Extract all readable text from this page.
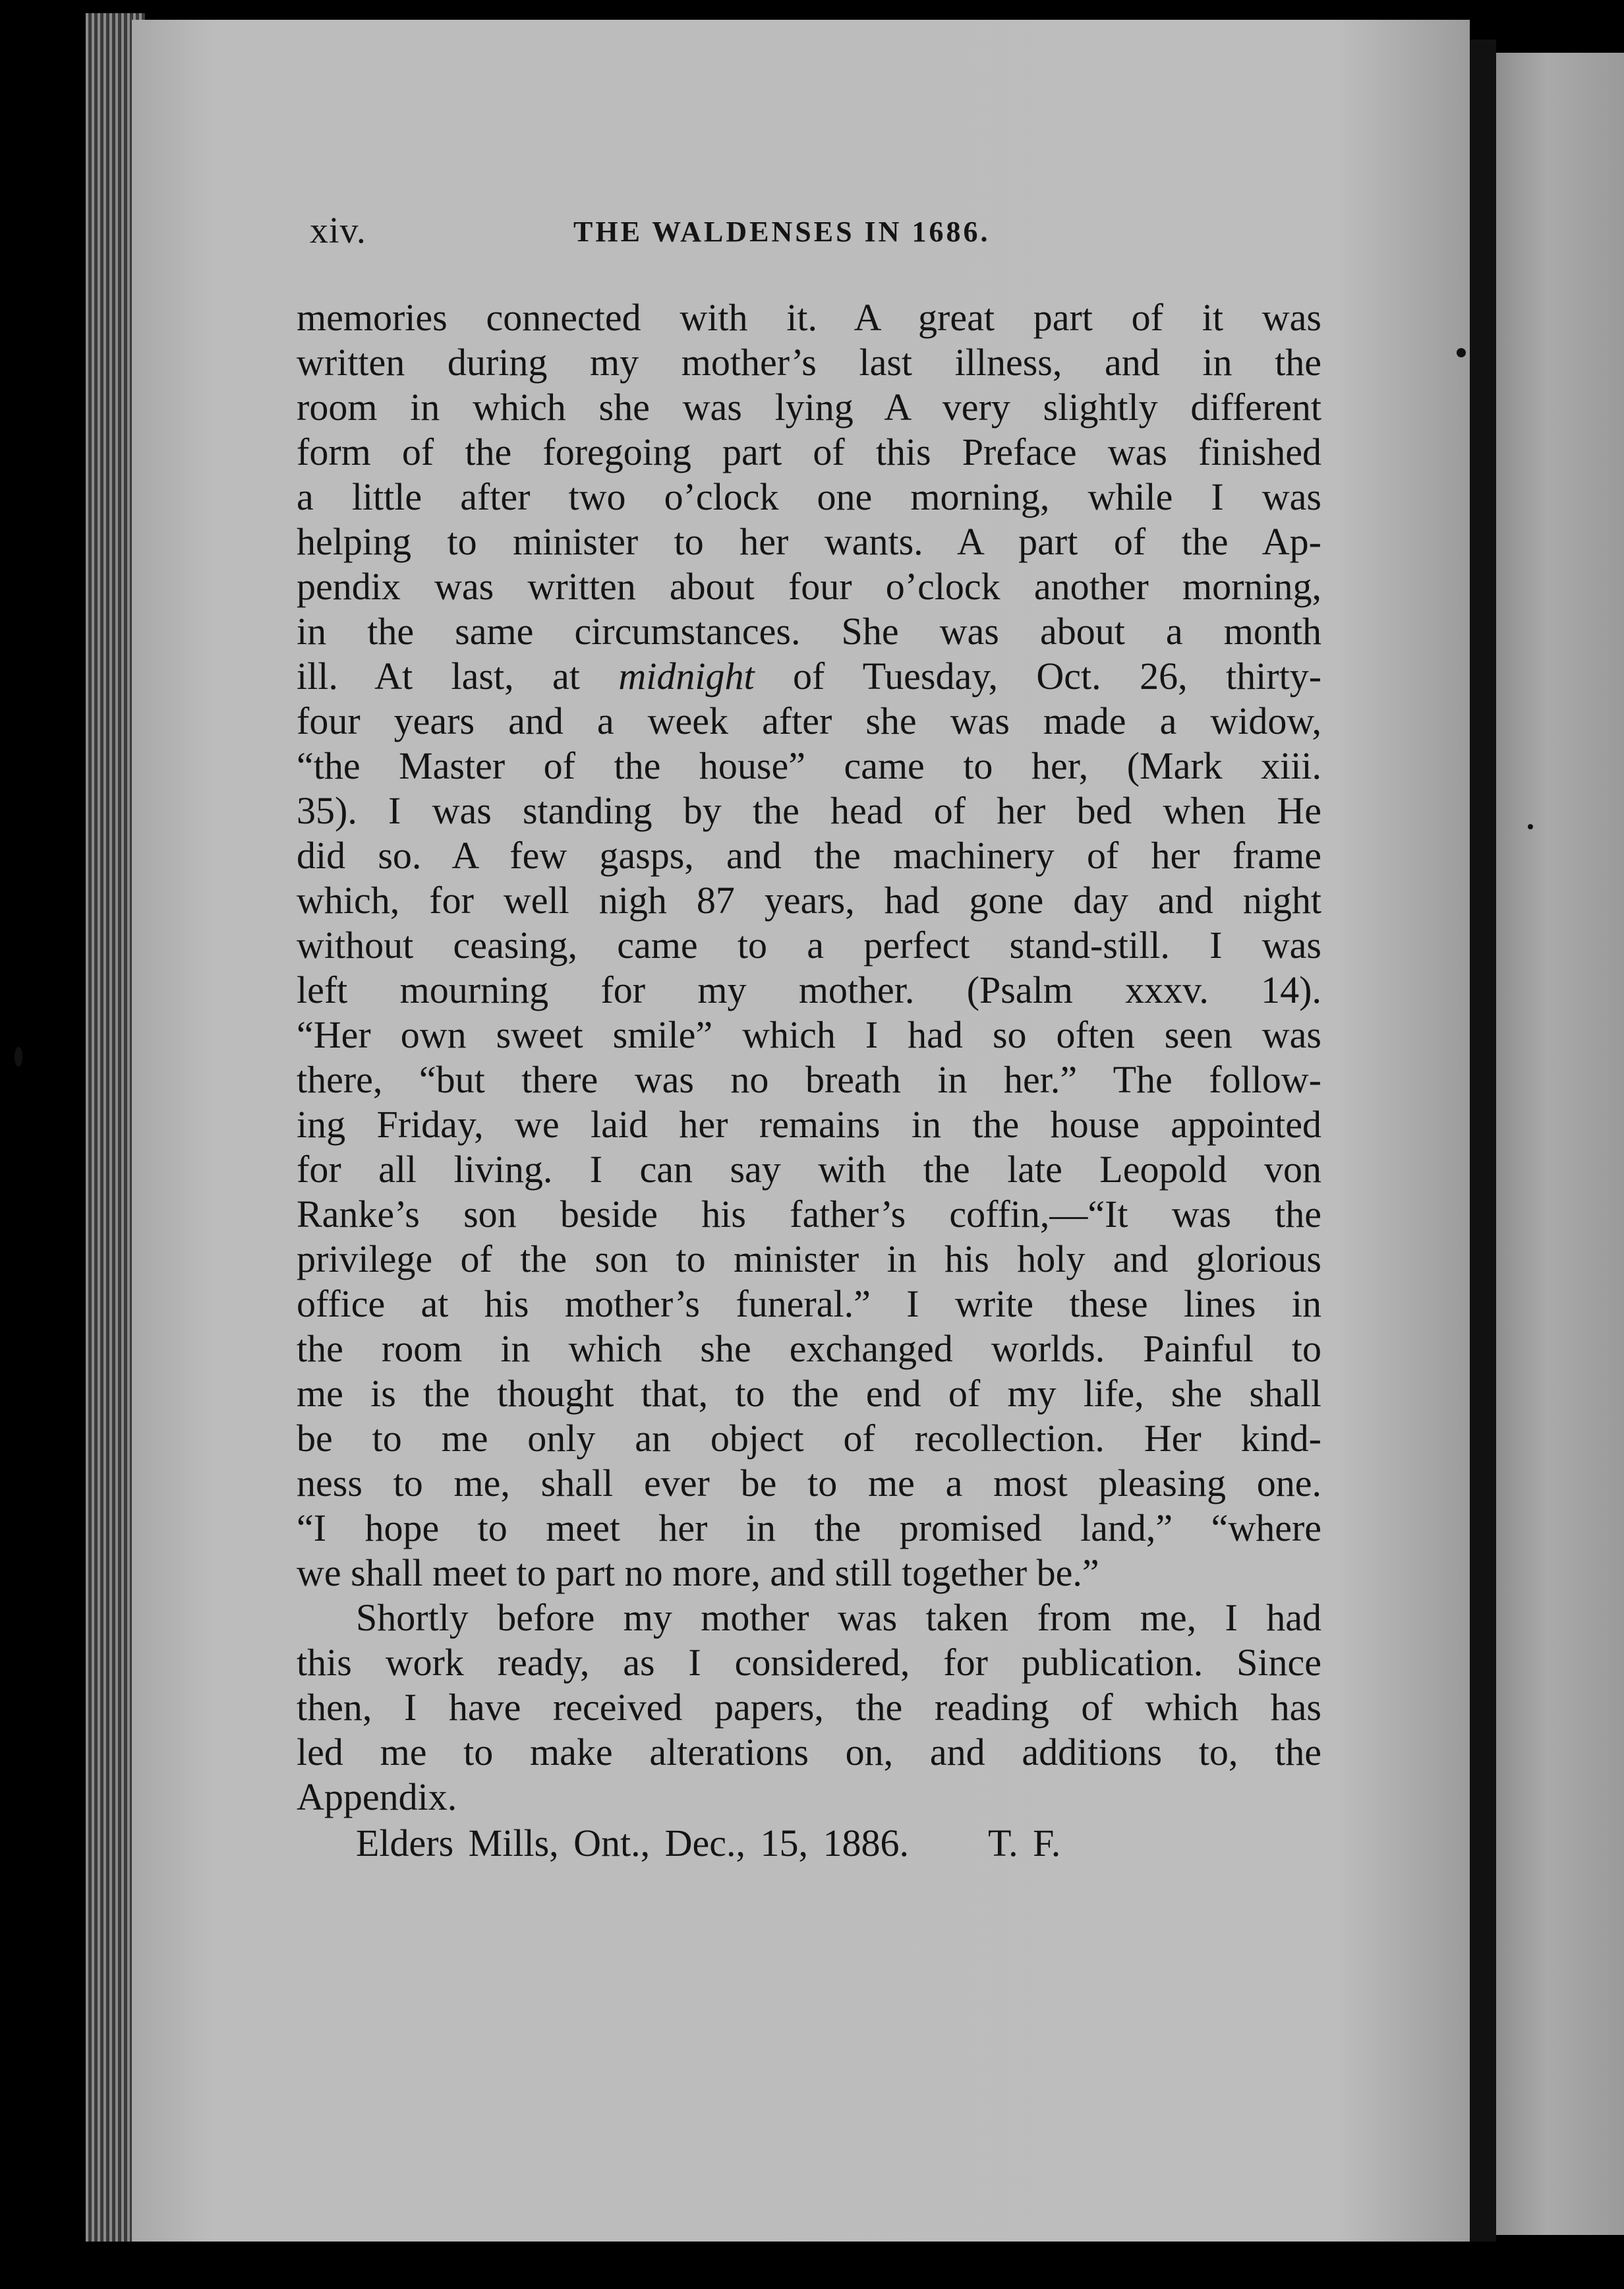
xiv.	THE WALDENSES IN 1686.
memories connected with it. A great part of it was
written during my mother’s last illness, and in the
room in which she was lying A very slightly different
form of the foregoing part of this Preface was finished
a little after two o’clock one morning, while I was
helping to minister to her wants. A part of the Ap-
pendix was written about four o’clock another morning,
in the same circumstances. She was about a month
ill. At last, at midnight of Tuesday, Oct. 26, thirty-
four years and a week after she was made a widow,
“the Master of the house” came to her, (Mark xiii.
35). I was standing by the head of her bed when He
did so. A few gasps, and the machinery of her frame
which, for well nigh 87 years, had gone day and night
without ceasing, came to a perfect stand-still. I was
left mourning for my mother. (Psalm xxxv. 14).
“Her own sweet smile” which I had so often seen was
there, “but there was no breath in her.” The follow-
ing Friday, we laid her remains in the house appointed
for all living. I can say with the late Leopold von
Ranke’s son beside his father’s coffin,—“It was the
privilege of the son to minister in his holy and glorious
office at his mother’s funeral.” I write these lines in
the room in which she exchanged worlds. Painful to
me is the thought that, to the end of my life, she shall
be to me only an object of recollection. Her kind-
ness to me, shall ever be to me a most pleasing one.
“I hope to meet her in the promised land,” “where
we shall meet to part no more, and still together be.”
Shortly before my mother was taken from me, I had
this work ready, as I considered, for publication. Since
then, I have received papers, the reading of which has
led me to make alterations on, and additions to, the
Appendix.
Elders Mills, Ont., Dec., 15, 1886. T. F.
